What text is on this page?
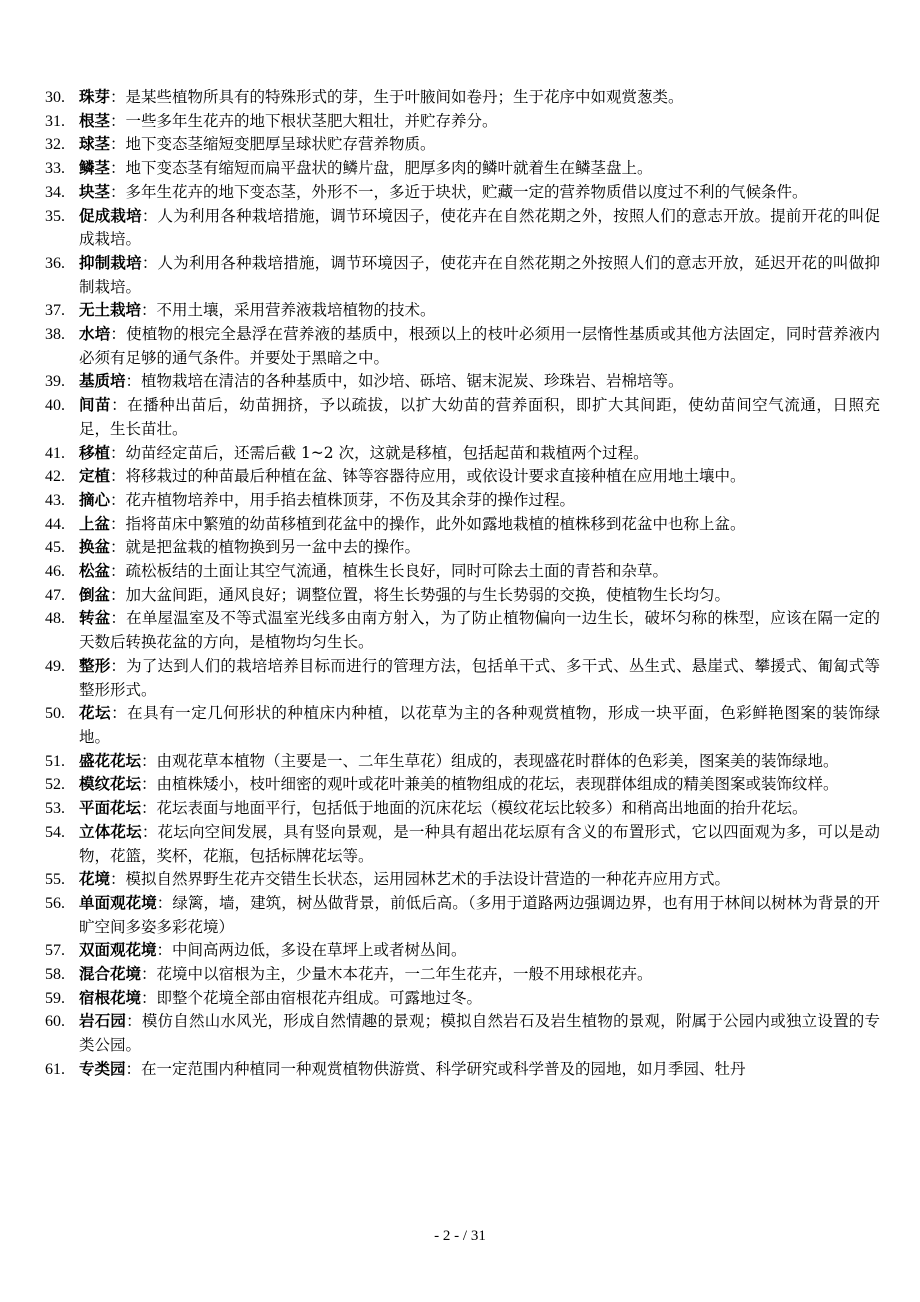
30. 珠芽：是某些植物所具有的特殊形式的芽，生于叶腋间如卷丹；生于花序中如观赏葱类。
31. 根茎：一些多年生花卉的地下根状茎肥大粗壮，并贮存养分。
32. 球茎：地下变态茎缩短变肥厚呈球状贮存营养物质。
33. 鳞茎：地下变态茎有缩短而扁平盘状的鳞片盘，肥厚多肉的鳞叶就着生在鳞茎盘上。
34. 块茎：多年生花卉的地下变态茎，外形不一，多近于块状，贮藏一定的营养物质借以度过不利的气候条件。
35. 促成栽培：人为利用各种栽培措施，调节环境因子，使花卉在自然花期之外，按照人们的意志开放。提前开花的叫促成栽培。
36. 抑制栽培：人为利用各种栽培措施，调节环境因子，使花卉在自然花期之外按照人们的意志开放，延迟开花的叫做抑制栽培。
37. 无土栽培：不用土壤，采用营养液栽培植物的技术。
38. 水培：使植物的根完全悬浮在营养液的基质中，根颈以上的枝叶必须用一层惰性基质或其他方法固定，同时营养液内必须有足够的通气条件。并要处于黑暗之中。
39. 基质培：植物栽培在清洁的各种基质中，如沙培、砾培、锯末泥炭、珍珠岩、岩棉培等。
40. 间苗：在播种出苗后，幼苗拥挤，予以疏拔，以扩大幼苗的营养面积，即扩大其间距，使幼苗间空气流通，日照充足，生长苗壮。
41. 移植：幼苗经定苗后，还需后截 1~2 次，这就是移植，包括起苗和栽植两个过程。
42. 定植：将移栽过的种苗最后种植在盆、钵等容器待应用，或依设计要求直接种植在应用地土壤中。
43. 摘心：花卉植物培养中，用手掐去植株顶芽，不伤及其余芽的操作过程。
44. 上盆：指将苗床中繁殖的幼苗移植到花盆中的操作，此外如露地栽植的植株移到花盆中也称上盆。
45. 换盆：就是把盆栽的植物换到另一盆中去的操作。
46. 松盆：疏松板结的土面让其空气流通，植株生长良好，同时可除去土面的青苔和杂草。
47. 倒盆：加大盆间距，通风良好；调整位置，将生长势强的与生长势弱的交换，使植物生长均匀。
48. 转盆：在单屋温室及不等式温室光线多由南方射入，为了防止植物偏向一边生长，破坏匀称的株型，应该在隔一定的天数后转换花盆的方向，是植物均匀生长。
49. 整形：为了达到人们的栽培培养目标而进行的管理方法，包括单干式、多干式、丛生式、悬崖式、攀援式、匍匐式等整形形式。
50. 花坛：在具有一定几何形状的种植床内种植，以花草为主的各种观赏植物，形成一块平面，色彩鲜艳图案的装饰绿地。
51. 盛花花坛：由观花草本植物（主要是一、二年生草花）组成的，表现盛花时群体的色彩美，图案美的装饰绿地。
52. 模纹花坛：由植株矮小，枝叶细密的观叶或花叶兼美的植物组成的花坛，表现群体组成的精美图案或装饰纹样。
53. 平面花坛：花坛表面与地面平行，包括低于地面的沉床花坛（模纹花坛比较多）和稍高出地面的抬升花坛。
54. 立体花坛：花坛向空间发展，具有竖向景观，是一种具有超出花坛原有含义的布置形式，它以四面观为多，可以是动物，花篮，奖杯，花瓶，包括标牌花坛等。
55. 花境：模拟自然界野生花卉交错生长状态，运用园林艺术的手法设计营造的一种花卉应用方式。
56. 单面观花境：绿篱，墙，建筑，树丛做背景，前低后高。（多用于道路两边强调边界，也有用于林间以树林为背景的开旷空间多姿多彩花境）
57. 双面观花境：中间高两边低，多设在草坪上或者树丛间。
58. 混合花境：花境中以宿根为主，少量木本花卉，一二年生花卉，一般不用球根花卉。
59. 宿根花境：即整个花境全部由宿根花卉组成。可露地过冬。
60. 岩石园：模仿自然山水风光，形成自然情趣的景观；模拟自然岩石及岩生植物的景观，附属于公园内或独立设置的专类公园。
61. 专类园：在一定范围内种植同一种观赏植物供游赏、科学研究或科学普及的园地，如月季园、牡丹
- 2 - / 31
